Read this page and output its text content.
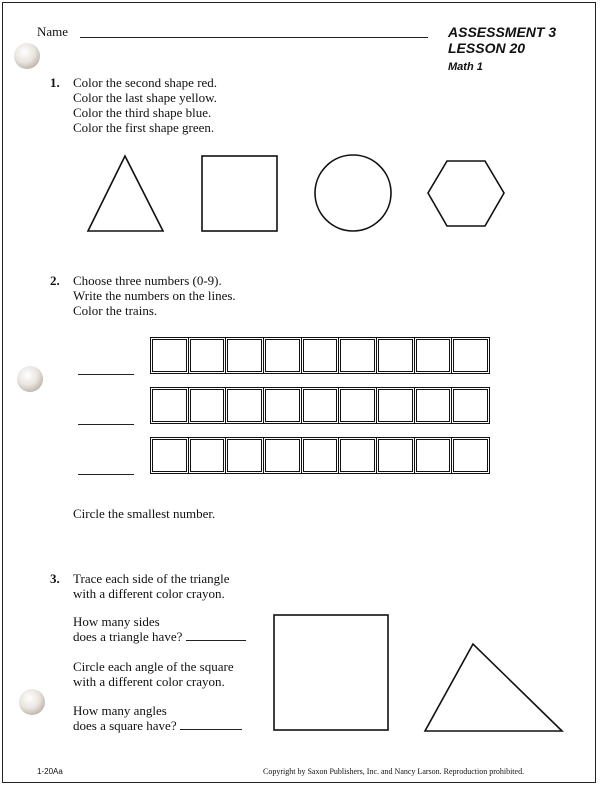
Name	ASSESSMENT 3
LESSON 20
Math 1
1. Color the second shape red.
Color the last shape yellow.
Color the third shape blue.
Color the first shape green.
2. Choose three numbers (0-9).
Write the numbers on the lines.
Color the trains.
Circle the smallest number.
3. Trace each side of the triangle
with a different color crayon.
How many sides
does a triangle have?
Circle each angle of the square
with a different color crayon.
How many angles
does a square have?
1-20Aa	Copyright by Saxon Publishers, Inc. and Nancy Larson. Reproduction prohibited.
